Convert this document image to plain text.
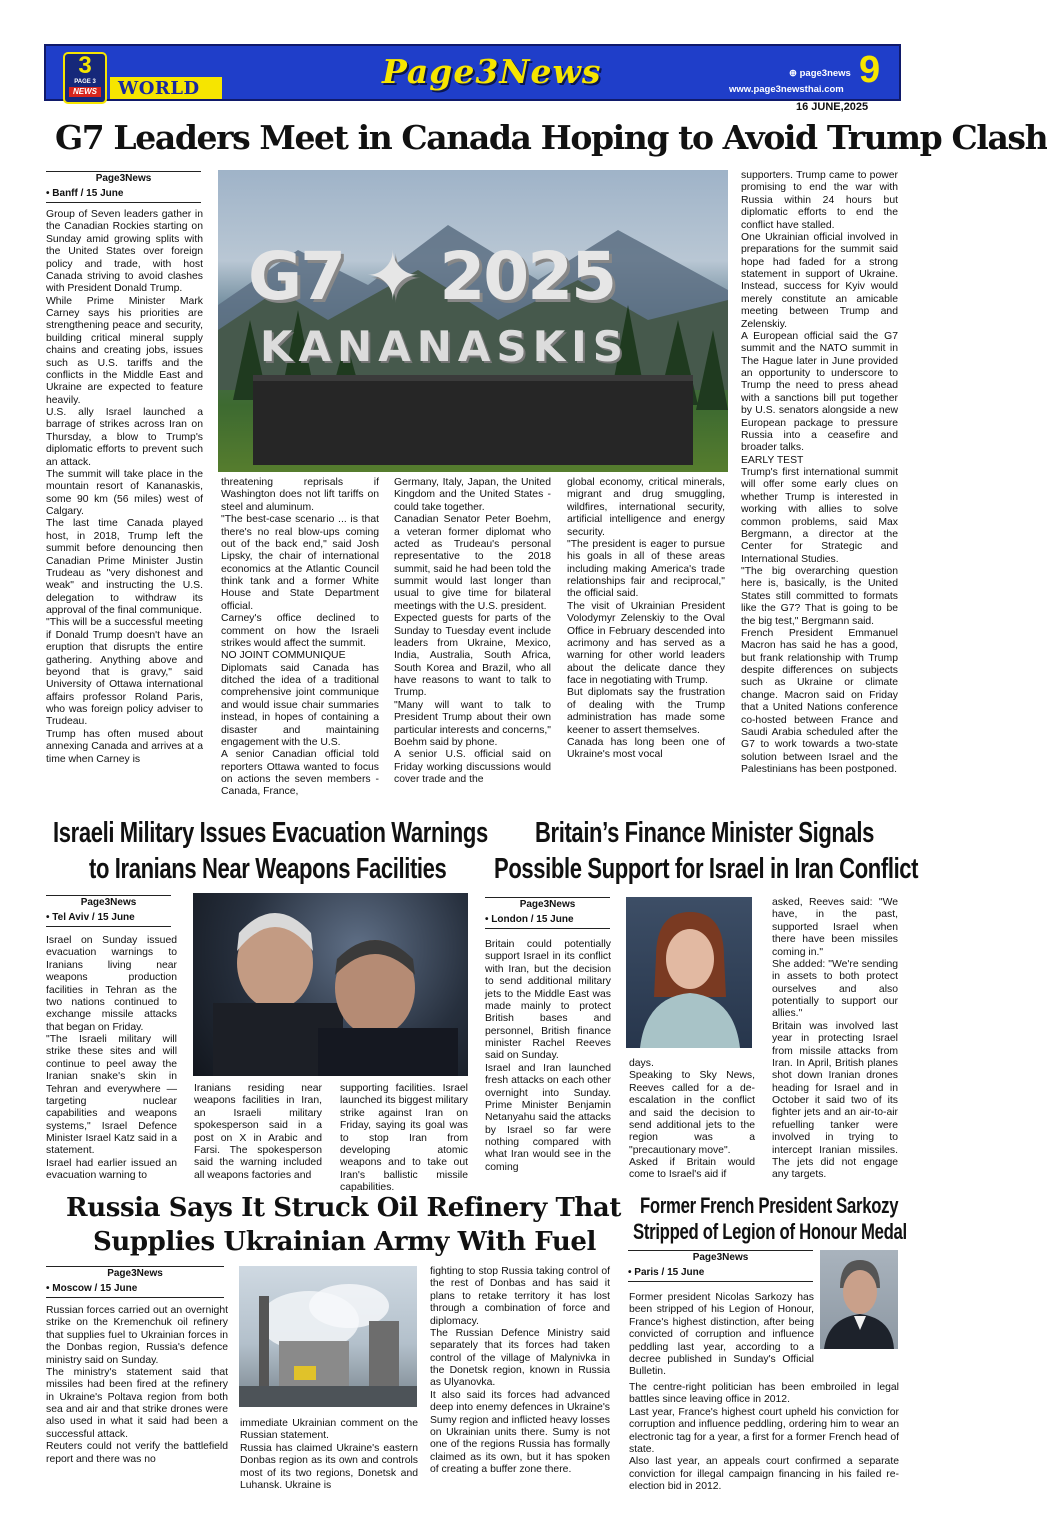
WORLD
3
PAGE 3
NEWS
Page3News	⊕ page3news
www.page3newsthai.com 9
16 JUNE,2025
G7 Leaders Meet in Canada Hoping to Avoid Trump Clash
Page3News
• Banff / 15 June
G7 ✦ 2025
KANANASKIS

Group of Seven leaders gather in the Canadian Rockies starting on Sunday amid growing splits with the United States over foreign policy and trade, with host Canada striving to avoid clashes with President Donald Trump.

While Prime Minister Mark Carney says his priorities are strengthening peace and security, building critical mineral supply chains and creating jobs, issues such as U.S. tariffs and the conflicts in the Middle East and Ukraine are expected to feature heavily.

U.S. ally Israel launched a barrage of strikes across Iran on Thursday, a blow to Trump's diplomatic efforts to prevent such an attack.

The summit will take place in the mountain resort of Kananaskis, some 90 km (56 miles) west of Calgary.

The last time Canada played host, in 2018, Trump left the summit before denouncing then Canadian Prime Minister Justin Trudeau as "very dishonest and weak" and instructing the U.S. delegation to withdraw its approval of the final communique.

"This will be a successful meeting if Donald Trump doesn't have an eruption that disrupts the entire gathering. Anything above and beyond that is gravy," said University of Ottawa international affairs professor Roland Paris, who was foreign policy adviser to Trudeau.

Trump has often mused about annexing Canada and arrives at a time when Carney is

threatening reprisals if Washington does not lift tariffs on steel and aluminum.

"The best-case scenario ... is that there's no real blow-ups coming out of the back end," said Josh Lipsky, the chair of international economics at the Atlantic Council think tank and a former White House and State Department official.

Carney's office declined to comment on how the Israeli strikes would affect the summit.

NO JOINT COMMUNIQUE

Diplomats said Canada has ditched the idea of a traditional comprehensive joint communique and would issue chair summaries instead, in hopes of containing a disaster and maintaining engagement with the U.S.

A senior Canadian official told reporters Ottawa wanted to focus on actions the seven members - Canada, France,

Germany, Italy, Japan, the United Kingdom and the United States - could take together.

Canadian Senator Peter Boehm, a veteran former diplomat who acted as Trudeau's personal representative to the 2018 summit, said he had been told the summit would last longer than usual to give time for bilateral meetings with the U.S. president.

Expected guests for parts of the Sunday to Tuesday event include leaders from Ukraine, Mexico, India, Australia, South Africa, South Korea and Brazil, who all have reasons to want to talk to Trump.

"Many will want to talk to President Trump about their own particular interests and concerns," Boehm said by phone.

A senior U.S. official said on Friday working discussions would cover trade and the

global economy, critical minerals, migrant and drug smuggling, wildfires, international security, artificial intelligence and energy security.

"The president is eager to pursue his goals in all of these areas including making America's trade relationships fair and reciprocal," the official said.

The visit of Ukrainian President Volodymyr Zelenskiy to the Oval Office in February descended into acrimony and has served as a warning for other world leaders about the delicate dance they face in negotiating with Trump.

But diplomats say the frustration of dealing with the Trump administration has made some keener to assert themselves.

Canada has long been one of Ukraine's most vocal

supporters. Trump came to power promising to end the war with Russia within 24 hours but diplomatic efforts to end the conflict have stalled.

One Ukrainian official involved in preparations for the summit said hope had faded for a strong statement in support of Ukraine. Instead, success for Kyiv would merely constitute an amicable meeting between Trump and Zelenskiy.

A European official said the G7 summit and the NATO summit in The Hague later in June provided an opportunity to underscore to Trump the need to press ahead with a sanctions bill put together by U.S. senators alongside a new European package to pressure Russia into a ceasefire and broader talks.

EARLY TEST

Trump's first international summit will offer some early clues on whether Trump is interested in working with allies to solve common problems, said Max Bergmann, a director at the Center for Strategic and International Studies.

"The big overarching question here is, basically, is the United States still committed to formats like the G7? That is going to be the big test," Bergmann said.

French President Emmanuel Macron has said he has a good, but frank relationship with Trump despite differences on subjects such as Ukraine or climate change. Macron said on Friday that a United Nations conference co-hosted between France and Saudi Arabia scheduled after the G7 to work towards a two-state solution between Israel and the Palestinians has been postponed.

Israeli Military Issues Evacuation Warnings
to Iranians Near Weapons Facilities
Page3News
• Tel Aviv / 15 June

Israel on Sunday issued evacuation warnings to Iranians living near weapons production facilities in Tehran as the two nations continued to exchange missile attacks that began on Friday.

"The Israeli military will strike these sites and will continue to peel away the Iranian snake's skin in Tehran and everywhere — targeting nuclear capabilities and weapons systems," Israel Defence Minister Israel Katz said in a statement.

Israel had earlier issued an evacuation warning to

Iranians residing near weapons facilities in Iran, an Israeli military spokesperson said in a post on X in Arabic and Farsi. The spokesperson said the warning included all weapons factories and

supporting facilities. Israel launched its biggest military strike against Iran on Friday, saying its goal was to stop Iran from developing atomic weapons and to take out Iran's ballistic missile capabilities.

Britain’s Finance Minister Signals
Possible Support for Israel in Iran Conflict
Page3News
• London / 15 June

Britain could potentially support Israel in its conflict with Iran, but the decision to send additional military jets to the Middle East was made mainly to protect British bases and personnel, British finance minister Rachel Reeves said on Sunday.

Israel and Iran launched fresh attacks on each other overnight into Sunday. Prime Minister Benjamin Netanyahu said the attacks by Israel so far were nothing compared with what Iran would see in the coming

days.

Speaking to Sky News, Reeves called for a de-escalation in the conflict and said the decision to send additional jets to the region was a "precautionary move".

Asked if Britain would come to Israel's aid if

asked, Reeves said: "We have, in the past, supported Israel when there have been missiles coming in."

She added: "We're sending in assets to both protect ourselves and also potentially to support our allies."

Britain was involved last year in protecting Israel from missile attacks from Iran. In April, British planes shot down Iranian drones heading for Israel and in October it said two of its fighter jets and an air-to-air refuelling tanker were involved in trying to intercept Iranian missiles. The jets did not engage any targets.

Russia Says It Struck Oil Refinery That
Supplies Ukrainian Army With Fuel
Page3News
• Moscow / 15 June

Russian forces carried out an overnight strike on the Kremenchuk oil refinery that supplies fuel to Ukrainian forces in the Donbas region, Russia's defence ministry said on Sunday.

The ministry's statement said that missiles had been fired at the refinery in Ukraine's Poltava region from both sea and air and that strike drones were also used in what it said had been a successful attack.

Reuters could not verify the battlefield report and there was no

immediate Ukrainian comment on the Russian statement.

Russia has claimed Ukraine's eastern Donbas region as its own and controls most of its two regions, Donetsk and Luhansk. Ukraine is

fighting to stop Russia taking control of the rest of Donbas and has said it plans to retake territory it has lost through a combination of force and diplomacy.

The Russian Defence Ministry said separately that its forces had taken control of the village of Malynivka in the Donetsk region, known in Russia as Ulyanovka.

It also said its forces had advanced deep into enemy defences in Ukraine's Sumy region and inflicted heavy losses on Ukrainian units there. Sumy is not one of the regions Russia has formally claimed as its own, but it has spoken of creating a buffer zone there.

Former French President Sarkozy
Stripped of Legion of Honour Medal
Page3News
• Paris / 15 June

Former president Nicolas Sarkozy has been stripped of his Legion of Honour, France's highest distinction, after being convicted of corruption and influence peddling last year, according to a decree published in Sunday's Official Bulletin.

The centre-right politician has been embroiled in legal battles since leaving office in 2012.

Last year, France's highest court upheld his conviction for corruption and influence peddling, ordering him to wear an electronic tag for a year, a first for a former French head of state.

Also last year, an appeals court confirmed a separate conviction for illegal campaign financing in his failed re-election bid in 2012.
